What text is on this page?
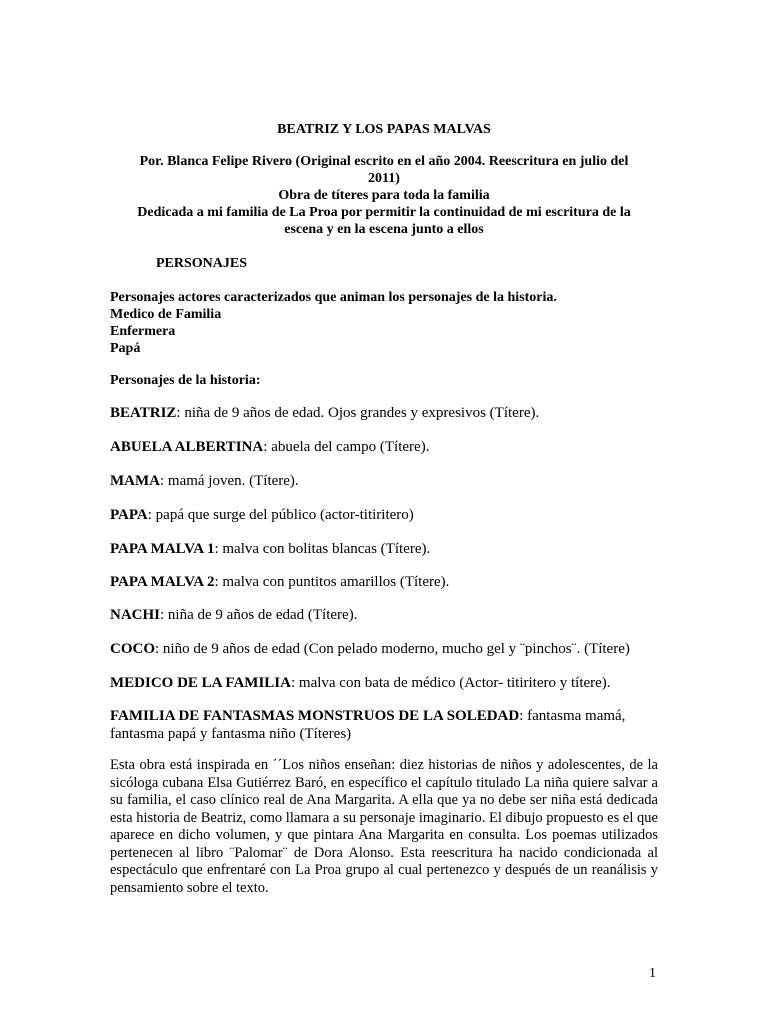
BEATRIZ Y LOS PAPAS MALVAS

Por. Blanca Felipe Rivero (Original escrito en el año 2004. Reescritura en julio del

2011)

Obra de títeres para toda la familia

Dedicada a mi familia de La Proa por permitir la continuidad de mi escritura de la

escena y en la escena junto a ellos

PERSONAJES

Personajes actores caracterizados que animan los personajes de la historia.

Medico de Familia

Enfermera

Papá

Personajes de la historia:

BEATRIZ: niña de 9 años de edad. Ojos grandes y expresivos (Títere).

ABUELA ALBERTINA: abuela del campo (Títere).

MAMA: mamá joven. (Títere).

PAPA: papá que surge del público (actor-titiritero)

PAPA MALVA 1: malva con bolitas blancas (Títere).

PAPA MALVA 2: malva con puntitos amarillos (Títere).

NACHI: niña de 9 años de edad (Títere).

COCO: niño de 9 años de edad (Con pelado moderno, mucho gel y ¨pinchos¨. (Títere)

MEDICO DE LA FAMILIA: malva con bata de médico (Actor- titiritero y títere).

FAMILIA DE FANTASMAS MONSTRUOS DE LA SOLEDAD: fantasma mamá, fantasma papá y fantasma niño (Títeres)

Esta obra está inspirada en ´´Los niños enseñan: diez historias de niños y adolescentes, de la sicóloga cubana Elsa Gutiérrez Baró, en específico el capítulo titulado La niña quiere salvar a su familia, el caso clínico real de Ana Margarita. A ella que ya no debe ser niña está dedicada esta historia de Beatriz, como llamara a su personaje imaginario. El dibujo propuesto es el que aparece en dicho volumen, y que pintara Ana Margarita en consulta. Los poemas utilizados pertenecen al libro ¨Palomar¨ de Dora Alonso. Esta reescritura ha nacido condicionada al espectáculo que enfrentaré con La Proa grupo al cual pertenezco y después de un reanálisis y pensamiento sobre el texto.

1
